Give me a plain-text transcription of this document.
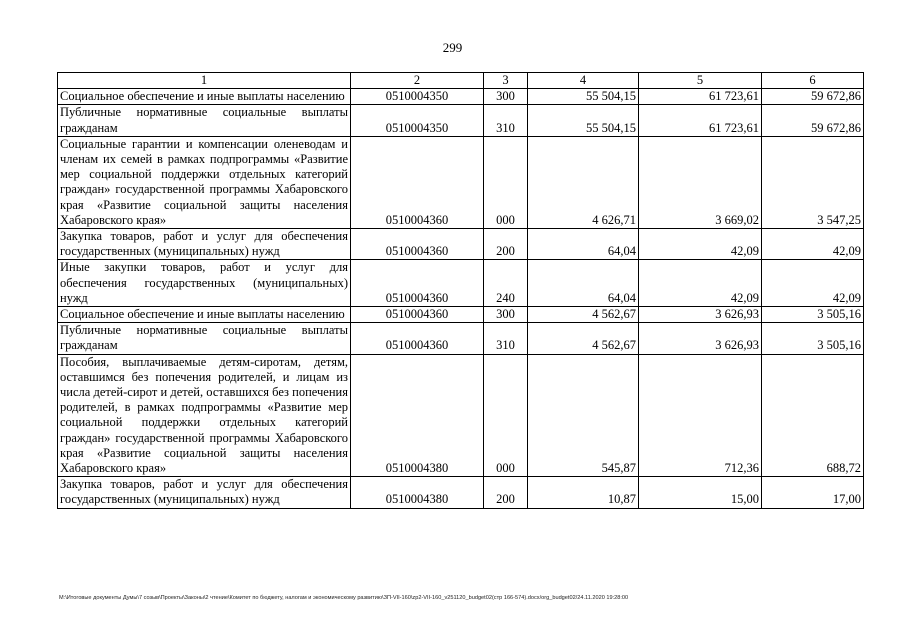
299
1	2	3	4	5	6
Социальное обеспечение и иные выплаты населению	0510004350	300	55 504,15	61 723,61	59 672,86
Публичные нормативные социальные выплаты гражданам	0510004350	310	55 504,15	61 723,61	59 672,86
Социальные гарантии и компенсации оленеводам и членам их семей в рамках подпрограммы «Развитие мер социальной поддержки отдельных категорий граждан» государственной программы Хабаровского края «Развитие социальной защиты населения Хабаровского края»	0510004360	000	4 626,71	3 669,02	3 547,25
Закупка товаров, работ и услуг для обеспечения государственных (муниципальных) нужд	0510004360	200	64,04	42,09	42,09
Иные закупки товаров, работ и услуг для обеспечения государственных (муниципальных) нужд	0510004360	240	64,04	42,09	42,09
Социальное обеспечение и иные выплаты населению	0510004360	300	4 562,67	3 626,93	3 505,16
Публичные нормативные социальные выплаты гражданам	0510004360	310	4 562,67	3 626,93	3 505,16
Пособия, выплачиваемые детям-сиротам, детям, оставшимся без попечения родителей, и лицам из числа детей-сирот и детей, оставшихся без попечения родителей, в рамках подпрограммы «Развитие мер социальной поддержки отдельных категорий граждан» государственной программы Хабаровского края «Развитие социальной защиты населения Хабаровского края»	0510004380	000	545,87	712,36	688,72
Закупка товаров, работ и услуг для обеспечения государственных (муниципальных) нужд	0510004380	200	10,87	15,00	17,00
M:\Итоговые документы Думы\7 созыв\Проекты\Законы\2 чтение\Комитет по бюджету, налогам и экономическому развитию\ЗП-VII-160\zp2-VII-160_v251120_budget02(стр 166-574).docx/org_budget02/24.11.2020 19:28:00
